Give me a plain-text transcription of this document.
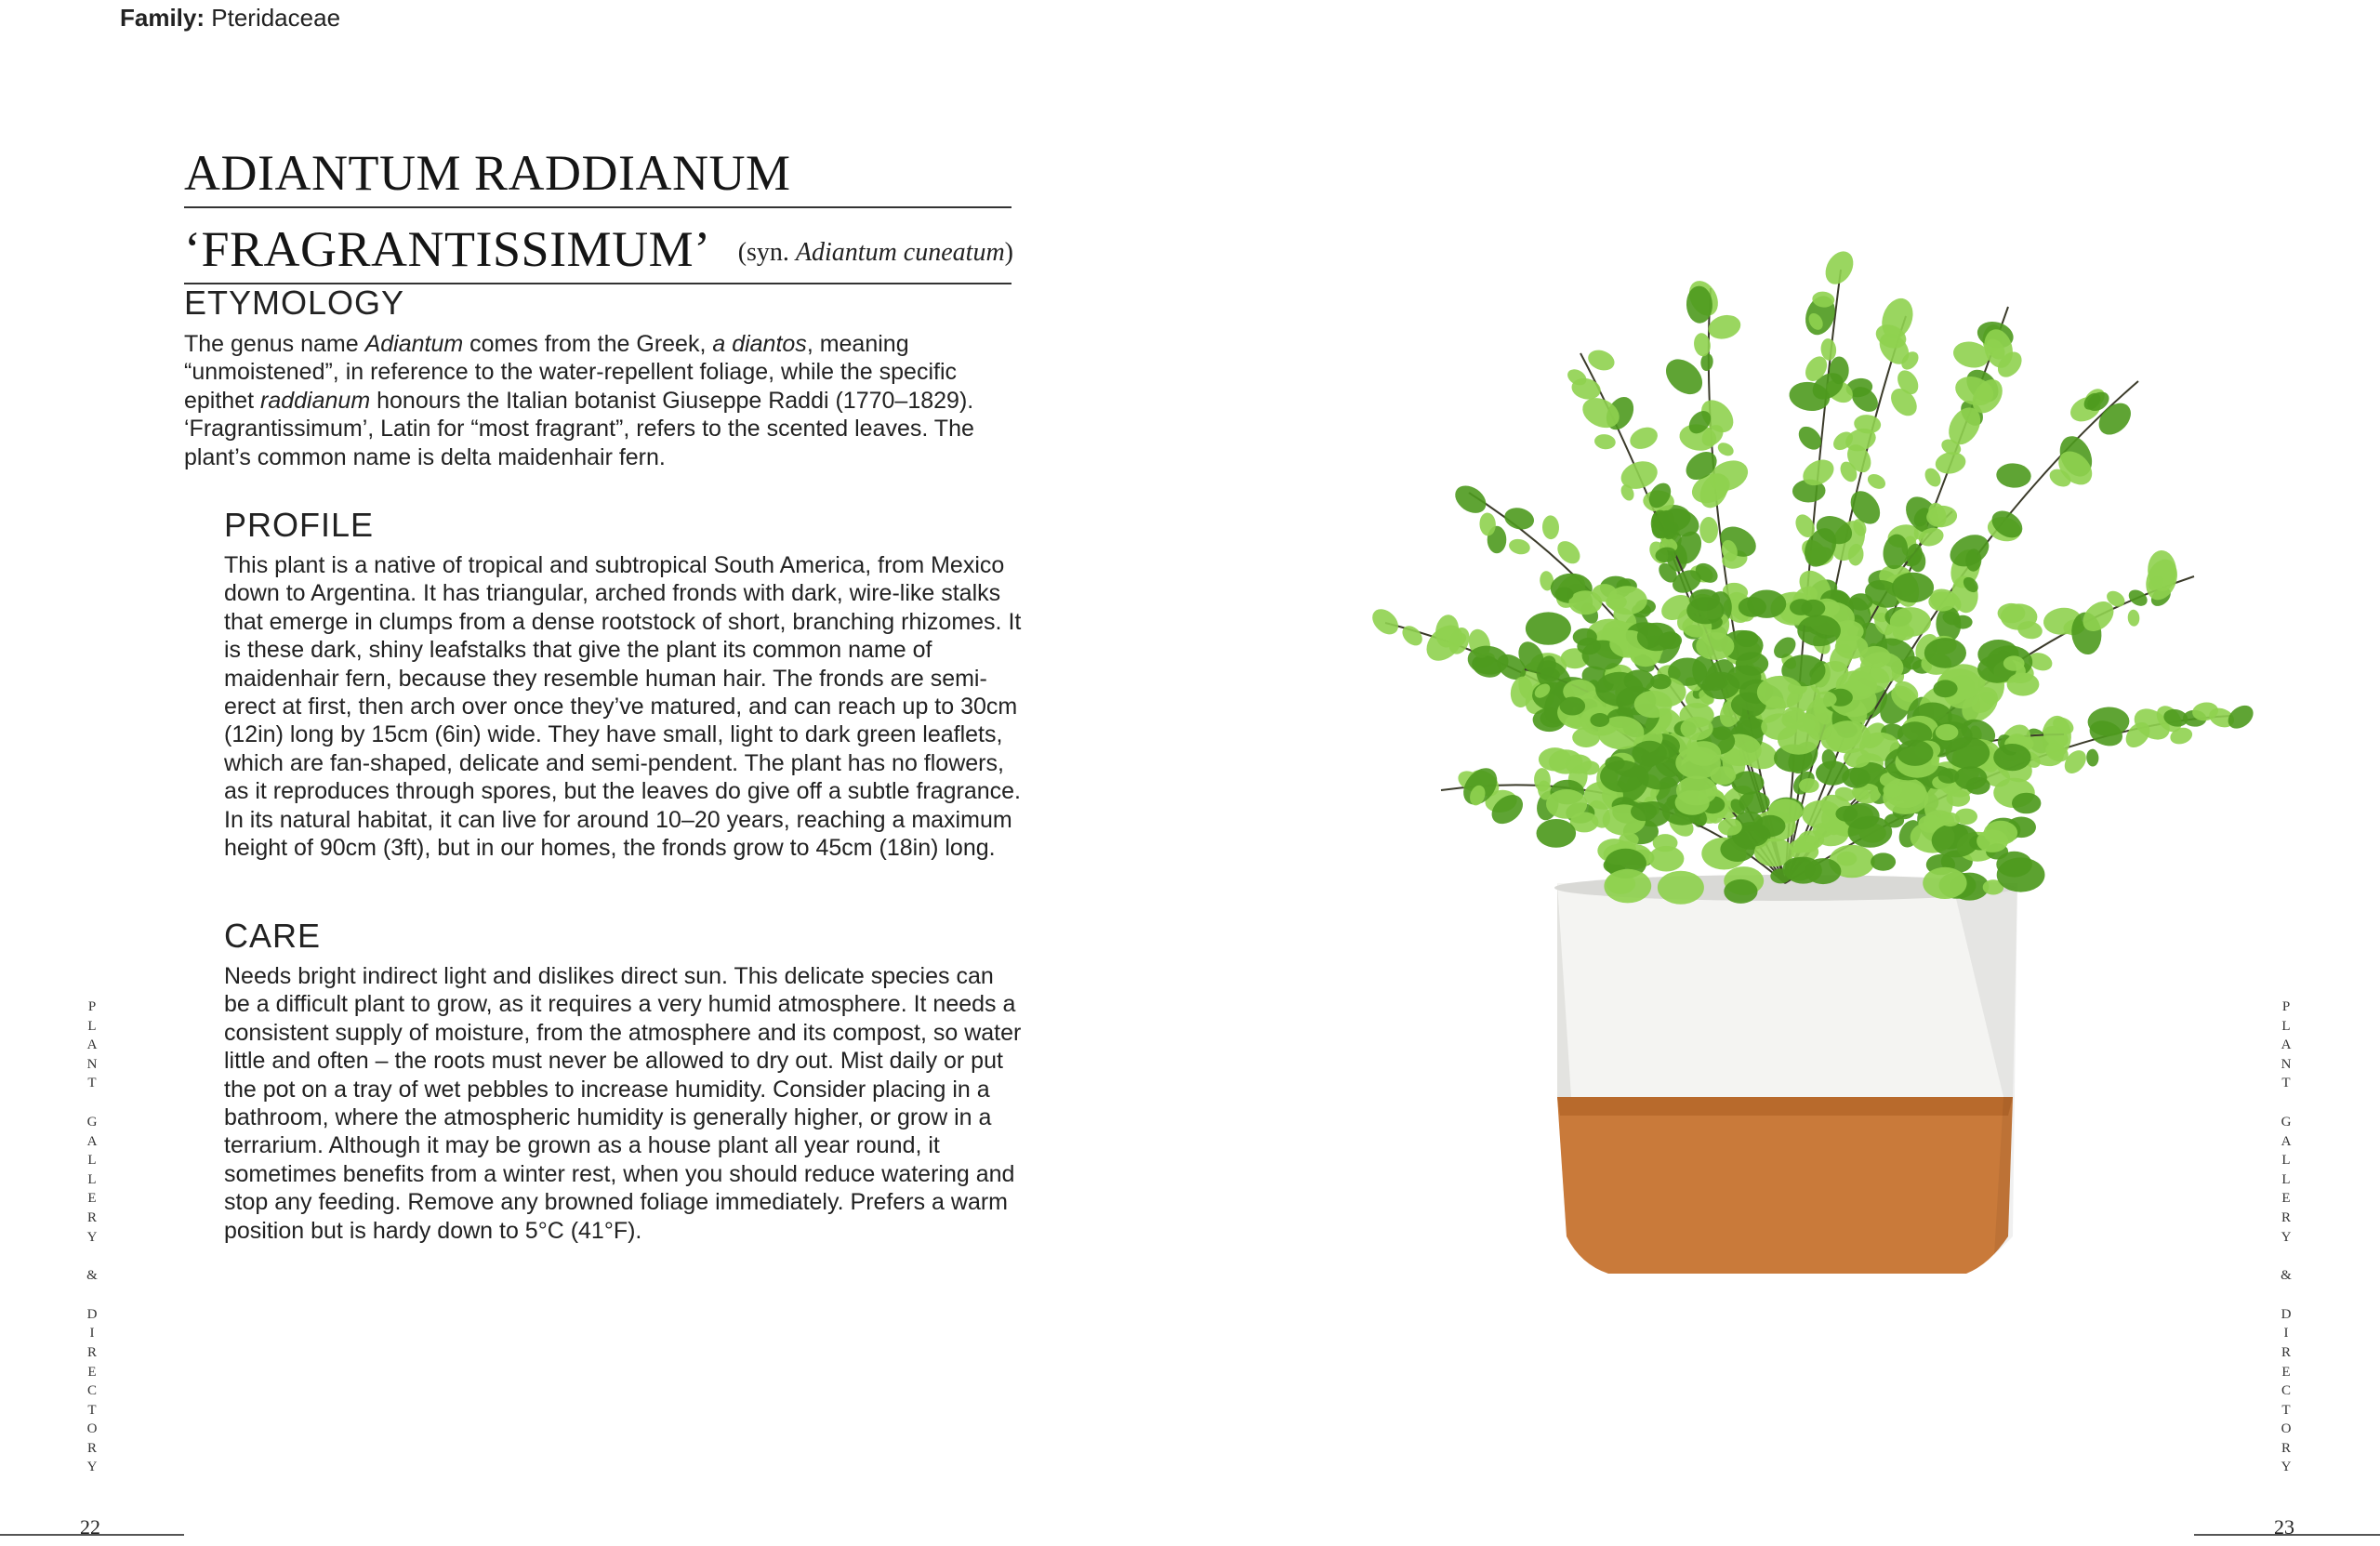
Family: Pteridaceae
ADIANTUM RADDIANUM
‘FRAGRANTISSIMUM’	(syn. Adiantum cuneatum)
ETYMOLOGY

The genus name Adiantum comes from the Greek, a diantos, meaning “unmoistened”, in reference to the water-repellent foliage, while the specific epithet raddianum honours the Italian botanist Giuseppe Raddi (1770–1829). ‘Fragrantissimum’, Latin for “most fragrant”, refers to the scented leaves. The plant’s common name is delta maidenhair fern.

PROFILE

This plant is a native of tropical and subtropical South America, from Mexico down to Argentina. It has triangular, arched fronds with dark, wire-like stalks that emerge in clumps from a dense rootstock of short, branching rhizomes. It is these dark, shiny leafstalks that give the plant its common name of maidenhair fern, because they resemble human hair. The fronds are semi-erect at first, then arch over once they’ve matured, and can reach up to 30cm (12in) long by 15cm (6in) wide. They have small, light to dark green leaflets, which are fan-shaped, delicate and semi-pendent. The plant has no flowers, as it reproduces through spores, but the leaves do give off a subtle fragrance. In its natural habitat, it can live for around 10–20 years, reaching a maximum height of 90cm (3ft), but in our homes, the fronds grow to 45cm (18in) long.

CARE

Needs bright indirect light and dislikes direct sun. This delicate species can be a difficult plant to grow, as it requires a very humid atmosphere. It needs a consistent supply of moisture, from the atmosphere and its compost, so water little and often – the roots must never be allowed to dry out. Mist daily or put the pot on a tray of wet pebbles to increase humidity. Consider placing in a bathroom, where the atmospheric humidity is generally higher, or grow in a terrarium. Although it may be grown as a house plant all year round, it sometimes benefits from a winter rest, when you should reduce watering and stop any feeding. Remove any browned foliage immediately. Prefers a warm position but is hardy down to 5°C (41°F).

P
L
A
N
T

G
A
L
L
E
R
Y

&

D
I
R
E
C
T
O
R
Y
P
L
A
N
T

G
A
L
L
E
R
Y

&

D
I
R
E
C
T
O
R
Y
22	23
